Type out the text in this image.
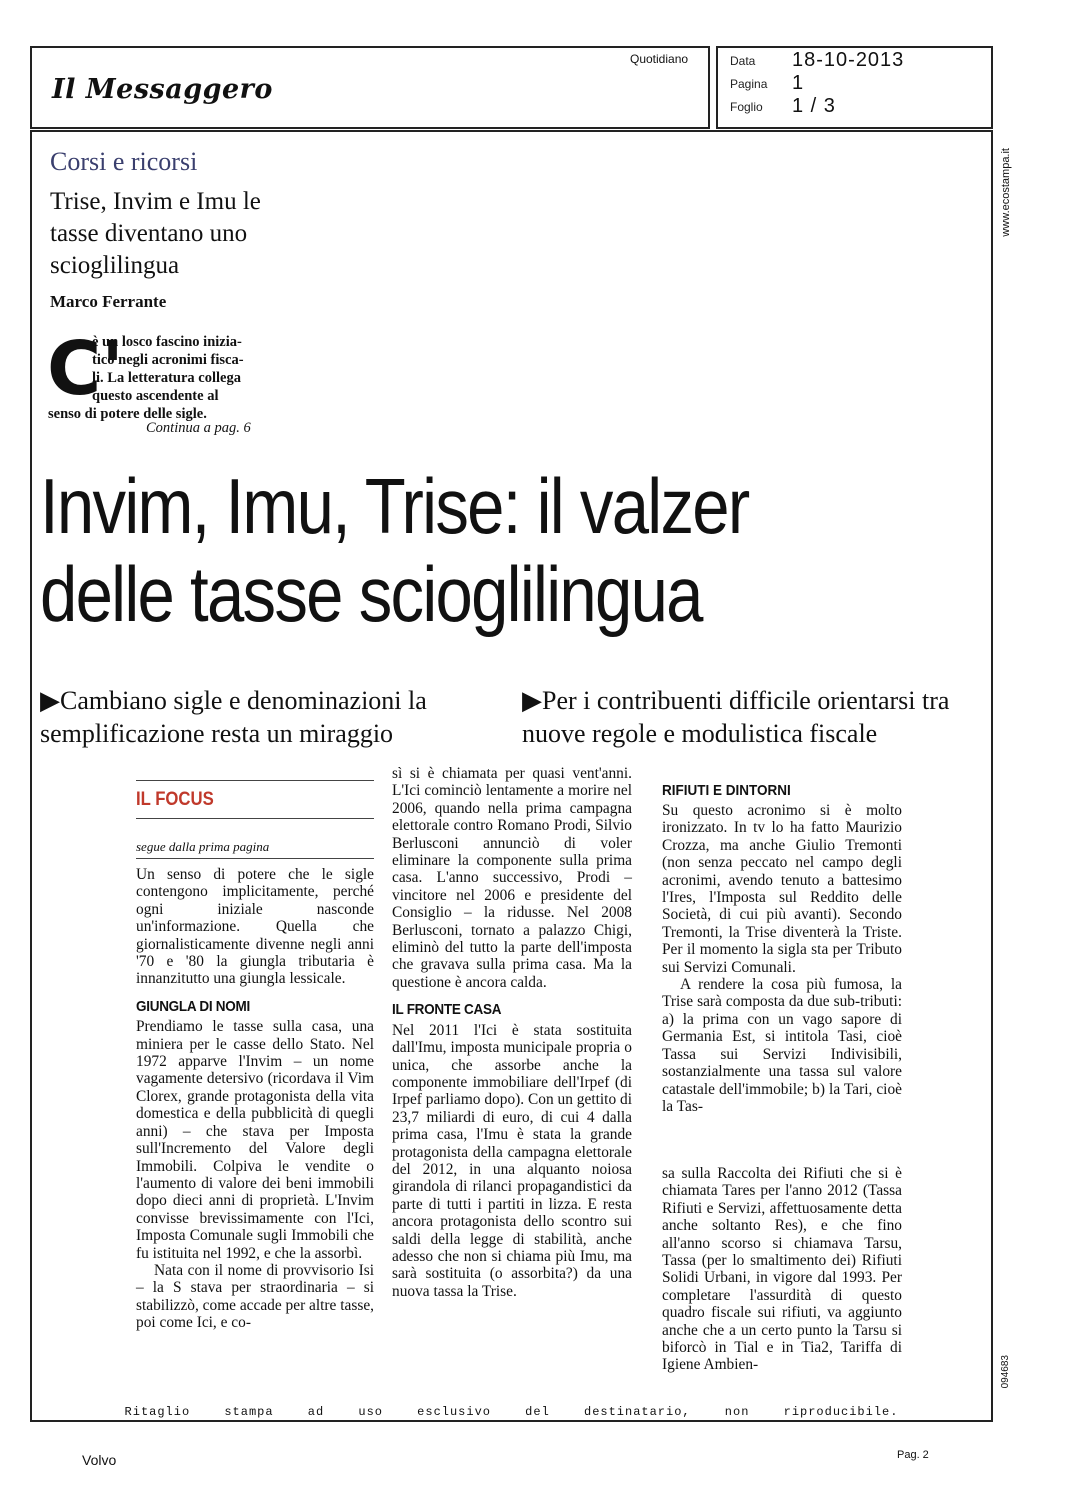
Il Messaggero
Quotidiano	Data 18-10-2013
Pagina 1
Foglio 1 / 3
www.ecostampa.it
094683
Corsi e ricorsi
Trise, Invim e Imu le tasse diventano uno scioglilingua
Marco Ferrante
C'
è un losco fascino inizia-
tico negli acronimi fisca-
li. La letteratura collega
questo ascendente al
senso di potere delle sigle.
Continua a pag. 6
Invim, Imu, Trise: il valzer
delle tasse scioglilingua
▶Cambiano sigle e denominazioni la semplificazione resta un miraggio
▶Per i contribuenti difficile orientarsi tra nuove regole e modulistica fiscale
IL FOCUS
segue dalla prima pagina

Un senso di potere che le sigle contengono implicitamente, perché ogni iniziale nasconde un'informazione. Quella che giornalisticamente divenne negli anni '70 e '80 la giungla tributaria è innanzitutto una giungla lessicale.

GIUNGLA DI NOMI

Prendiamo le tasse sulla casa, una miniera per le casse dello Stato. Nel 1972 apparve l'Invim – un nome vagamente detersivo (ricordava il Vim Clorex, grande protagonista della vita domestica e della pubblicità di quegli anni) – che stava per Imposta sull'Incremento del Valore degli Immobili. Colpiva le vendite o l'aumento di valore dei beni immobili dopo dieci anni di proprietà. L'Invim convisse brevissimamente con l'Ici, Imposta Comunale sugli Immobili che fu istituita nel 1992, e che la assorbì.

Nata con il nome di provvisorio Isi – la S stava per straordinaria – si stabilizzò, come accade per altre tasse, poi come Ici, e co-

sì si è chiamata per quasi vent'anni. L'Ici cominciò lentamente a morire nel 2006, quando nella prima campagna elettorale contro Romano Prodi, Silvio Berlusconi annunciò di voler eliminare la componente sulla prima casa. L'anno successivo, Prodi – vincitore nel 2006 e presidente del Consiglio – la ridusse. Nel 2008 Berlusconi, tornato a palazzo Chigi, eliminò del tutto la parte dell'imposta che gravava sulla prima casa. Ma la questione è ancora calda.

IL FRONTE CASA

Nel 2011 l'Ici è stata sostituita dall'Imu, imposta municipale propria o unica, che assorbe anche la componente immobiliare dell'Irpef (di Irpef parliamo dopo). Con un gettito di 23,7 miliardi di euro, di cui 4 dalla prima casa, l'Imu è stata la grande protagonista della campagna elettorale del 2012, in una alquanto noiosa girandola di rilanci propagandistici da parte di tutti i partiti in lizza. E resta ancora protagonista dello scontro sui saldi della legge di stabilità, anche adesso che non si chiama più Imu, ma sarà sostituita (o assorbita?) da una nuova tassa la Trise.

RIFIUTI E DINTORNI

Su questo acronimo si è molto ironizzato. In tv lo ha fatto Maurizio Crozza, ma anche Giulio Tremonti (non senza peccato nel campo degli acronimi, avendo tenuto a battesimo l'Ires, l'Imposta sul Reddito delle Società, di cui più avanti). Secondo Tremonti, la Trise diventerà la Triste. Per il momento la sigla sta per Tributo sui Servizi Comunali.

A rendere la cosa più fumosa, la Trise sarà composta da due sub-tributi: a) la prima con un vago sapore di Germania Est, si intitola Tasi, cioè Tassa sui Servizi Indivisibili, sostanzialmente una tassa sul valore catastale dell'immobile; b) la Tari, cioè la Tas-

sa sulla Raccolta dei Rifiuti che si è chiamata Tares per l'anno 2012 (Tassa Rifiuti e Servizi, affettuosamente detta anche soltanto Res), e che fino all'anno scorso si chiamava Tarsu, Tassa (per lo smaltimento dei) Rifiuti Solidi Urbani, in vigore dal 1993. Per completare l'assurdità di questo quadro fiscale sui rifiuti, va aggiunto anche che a un certo punto la Tarsu si biforcò in Tial e in Tia2, Tariffa di Igiene Ambien-

Ritaglio stampa ad uso esclusivo del destinatario, non riproducibile.
Volvo	Pag. 2
